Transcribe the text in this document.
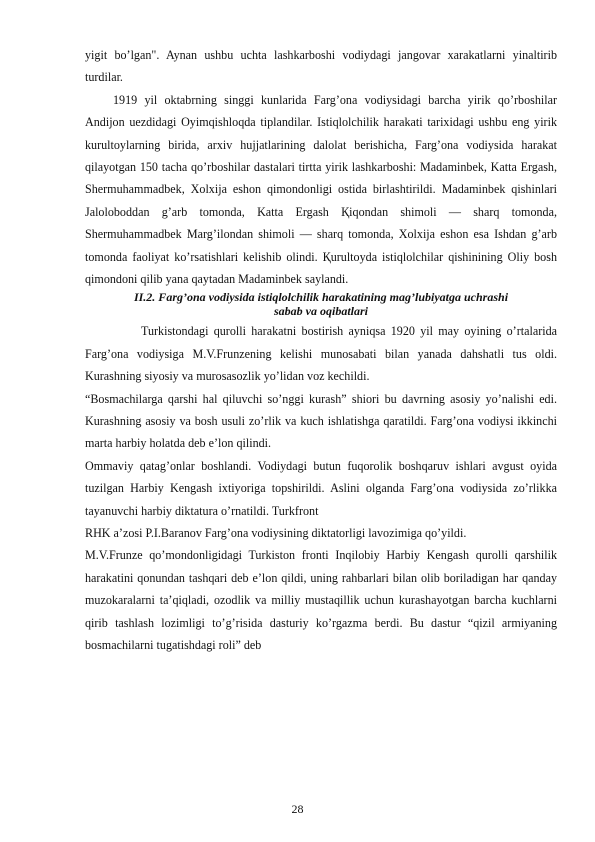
yigit bo’lgan". Aynan ushbu uchta lashkarboshi vodiydagi jangovar xarakatlarni yinaltirib turdilar.

1919 yil oktabrning singgi kunlarida Farg’ona vodiysidagi barcha yirik qo’rboshilar Andijon uezdidagi Oyimqishloqda tiplandilar. Istiqlolchilik harakati tarixidagi ushbu eng yirik kurultoylarning birida, arxiv hujjatlarining dalolat berishicha, Farg’ona vodiysida harakat qilayotgan 150 tacha qo’rboshilar dastalari tirtta yirik lashkarboshi: Madaminbek, Katta Ergash, Shermuhammadbek, Xolxija eshon qimondonligi ostida birlashtirildi. Madaminbek qishinlari Jaloloboddan g’arb tomonda, Katta Ergash Қiqondan shimoli — sharq tomonda, Shermuhammadbek Marg’ilondan shimoli — sharq tomonda, Xolxija eshon esa Ishdan g’arb tomonda faoliyat ko’rsatishlari kelishib olindi. Қurultoyda istiqlolchilar qishinining Oliy bosh qimondoni qilib yana qaytadan Madaminbek saylandi.

II.2. Farg’ona vodiysida istiqlolchilik harakatining mag’lubiyatga uchrashi
sabab va oqibatlari

Turkistondagi qurolli harakatni bostirish ayniqsa 1920 yil may oyining o’rtalarida Farg’ona vodiysiga M.V.Frunzening kelishi munosabati bilan yanada dahshatli tus oldi. Kurashning siyosiy va murosasozlik yo’lidan voz kechildi.

“Bosmachilarga qarshi hal qiluvchi so’nggi kurash” shiori bu davrning asosiy yo’nalishi edi. Kurashning asosiy va bosh usuli zo’rlik va kuch ishlatishga qaratildi. Farg’ona vodiysi ikkinchi marta harbiy holatda deb e’lon qilindi.

Ommaviy qatag’onlar boshlandi. Vodiydagi butun fuqorolik boshqaruv ishlari avgust oyida tuzilgan Harbiy Kengash ixtiyoriga topshirildi. Aslini olganda Farg’ona vodiysida zo’rlikka tayanuvchi harbiy diktatura o’rnatildi. Turkfront

RHK a’zosi P.I.Baranov Farg’ona vodiysining diktatorligi lavozimiga qo’yildi.

M.V.Frunze qo’mondonligidagi Turkiston fronti Inqilobiy Harbiy Kengash qurolli qarshilik harakatini qonundan tashqari deb e’lon qildi, uning rahbarlari bilan olib boriladigan har qanday muzokaralarni ta’qiqladi, ozodlik va milliy mustaqillik uchun kurashayotgan barcha kuchlarni qirib tashlash lozimligi to’g’risida dasturiy ko’rgazma berdi. Bu dastur “qizil armiyaning bosmachilarni tugatishdagi roli” deb

28
